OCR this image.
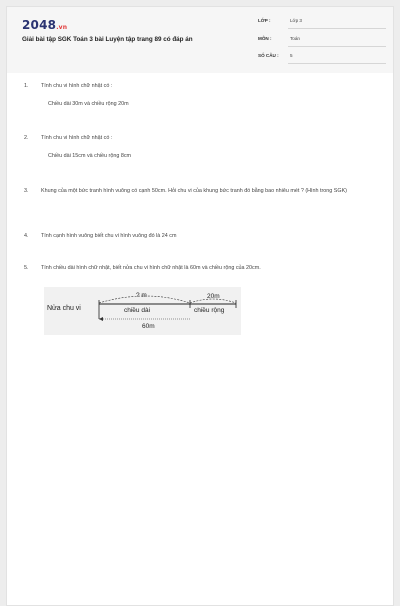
2048.vn
Giải bài tập SGK Toán 3 bài Luyện tập trang 89 có đáp án
LỚP :	Lớp 3
MÔN :	Toán
SỐ CÂU : 5
1. Tính chu vi hình chữ nhật có :
Chiều dài 30m và chiều rộng 20m
2. Tính chu vi hình chữ nhật có :
Chiều dài 15cm và chiều rộng 8cm
3. Khung của một bức tranh hình vuông có cạnh 50cm. Hỏi chu vi của khung bức tranh đó bằng bao nhiêu mét ? (Hình trong SGK)
4. Tính cạnh hình vuông biết chu vi hình vuông đó là 24 cm
5. Tính chiều dài hình chữ nhật, biết nửa chu vi hình chữ nhật là 60m và chiều rộng của 20cm.
Nửa chu vi
? m	20m
chiều dài	chiều rộng
60m
